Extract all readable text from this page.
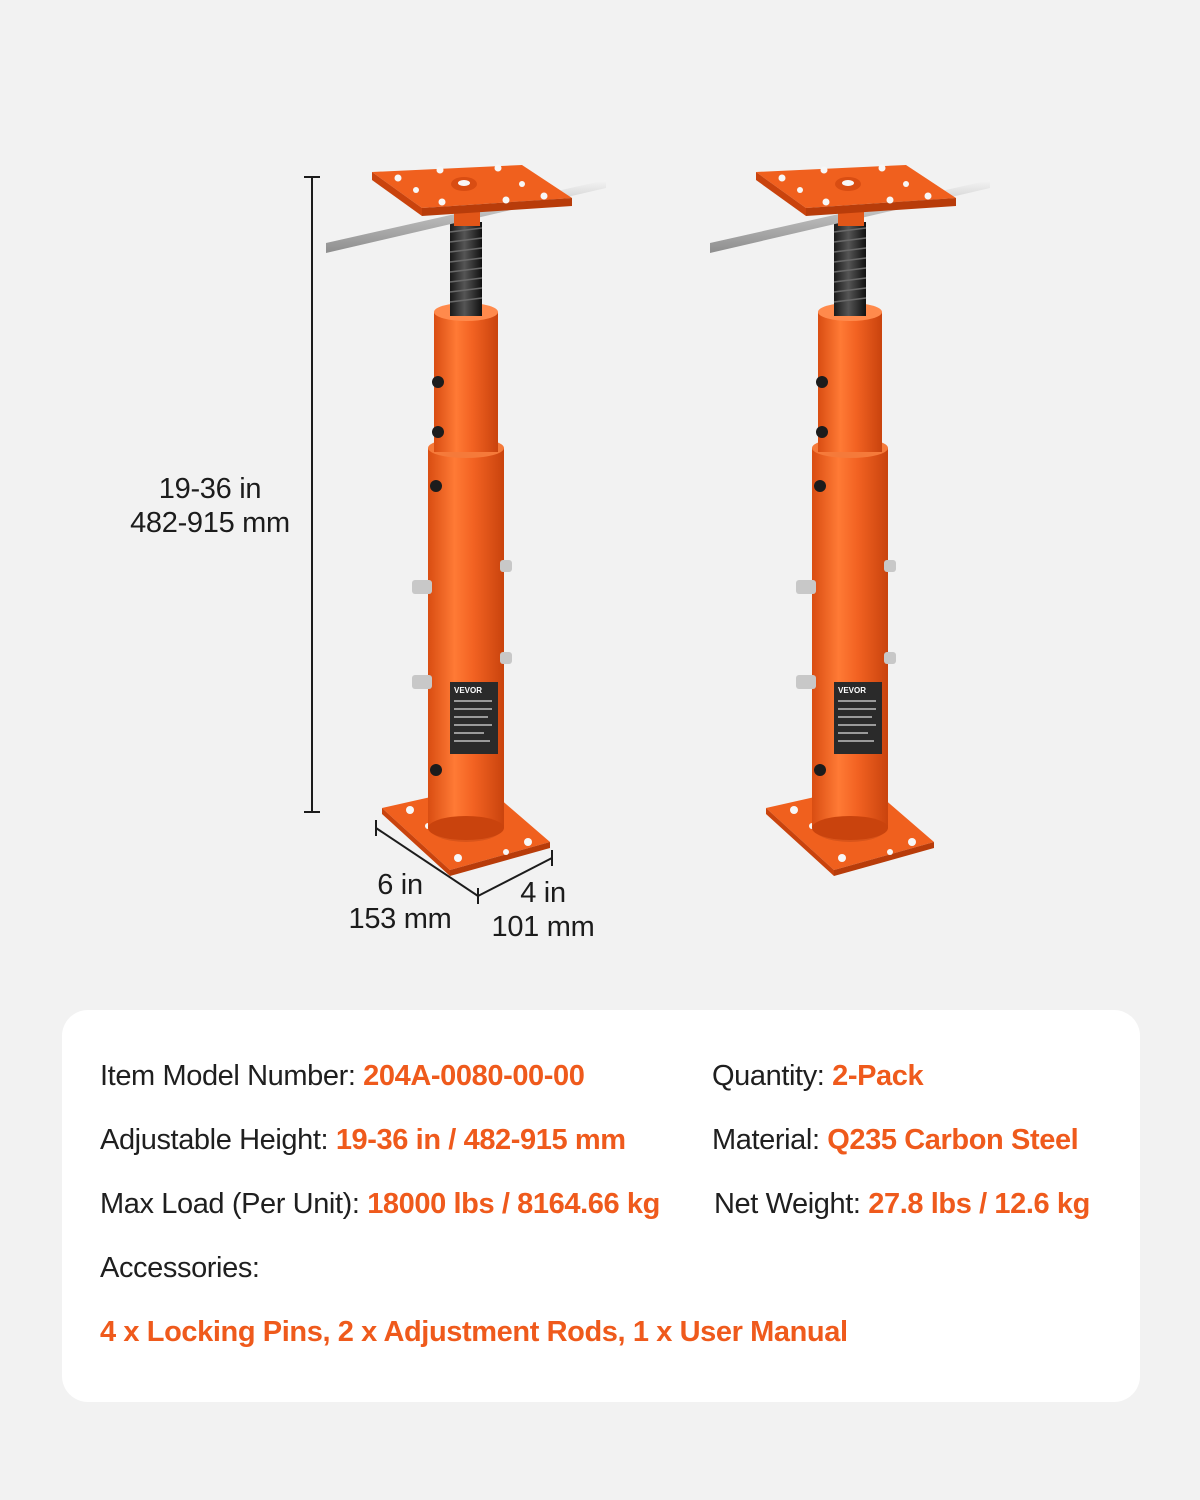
VEVOR
19-36 in
482-915 mm
6 in
153 mm
4 in
101 mm
Item Model Number: 204A-0080-00-00	Quantity: 2-Pack
Adjustable Height: 19-36 in / 482-915 mm	Material: Q235 Carbon Steel
Max Load (Per Unit): 18000 lbs / 8164.66 kg Net Weight: 27.8 lbs / 12.6 kg
Accessories:
4 x Locking Pins, 2 x Adjustment Rods, 1 x User Manual
